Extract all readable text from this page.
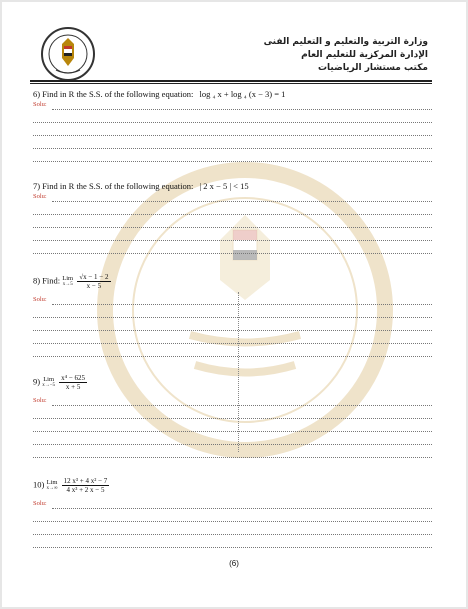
وزارة التربية والتعليم و التعليم الفنى
الإدارة المركزية للتعليم العام
مكتب مستشار الرياضيات
6) Find in R the S.S. of the following equation: log ₄ x + log ₄ (x − 3) = 1
Solu:
7) Find in R the S.S. of the following equation: | 2 x − 5 | < 15
Solu:
8) Find: Lim
x→5
$\frac{√x - 1 - 2}{x - 5}$
Solu:
9) Lim
x→−5
$\frac{\text{x⁴ − 625}}{x + 5}$
Solu:
10) Lim
x→∞
$\frac{\text{12 x³ + 4 x² − 7}}{\text{4 x³ + 2 x − 5}}$
Solu:
(6)
